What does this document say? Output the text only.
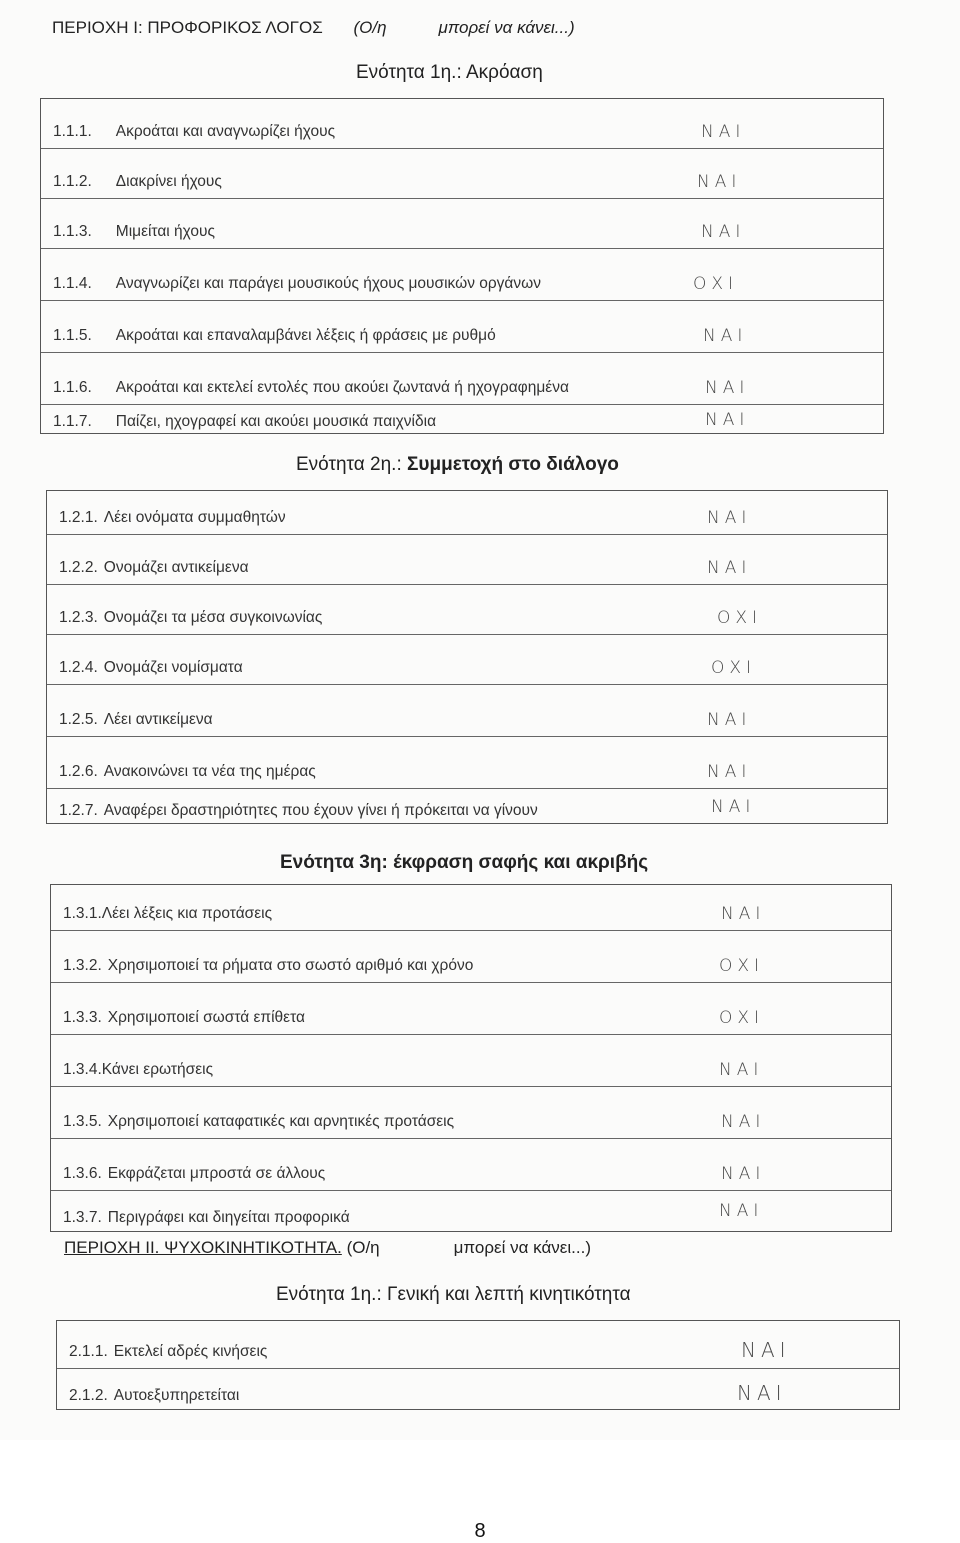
ΠΕΡΙΟΧΗ Ι: ΠΡΟΦΟΡΙΚΟΣ ΛΟΓΟΣ (Ο/η	μπορεί να κάνει...)
Ενότητα 1η.: Ακρόαση
1.1.1. Ακροάται και αναγνωρίζει ήχους	ΝΑΙ
1.1.2. Διακρίνει ήχους	ΝΑΙ
1.1.3. Μιμείται ήχους	ΝΑΙ
1.1.4. Αναγνωρίζει και παράγει μουσικούς ήχους μουσικών οργάνων	ΟΧΙ
1.1.5. Ακροάται και επαναλαμβάνει λέξεις ή φράσεις με ρυθμό	ΝΑΙ
1.1.6. Ακροάται και εκτελεί εντολές που ακούει ζωντανά ή ηχογραφημένα	ΝΑΙ
1.1.7. Παίζει, ηχογραφεί και ακούει μουσικά παιχνίδια	ΝΑΙ
Ενότητα 2η.: Συμμετοχή στο διάλογο
1.2.1. Λέει ονόματα συμμαθητών	ΝΑΙ
1.2.2. Ονομάζει αντικείμενα	ΝΑΙ
1.2.3. Ονομάζει τα μέσα συγκοινωνίας	ΟΧΙ
1.2.4. Ονομάζει νομίσματα	ΟΧΙ
1.2.5. Λέει αντικείμενα	ΝΑΙ
1.2.6. Ανακοινώνει τα νέα της ημέρας	ΝΑΙ
1.2.7. Αναφέρει δραστηριότητες που έχουν γίνει ή πρόκειται να γίνουν	ΝΑΙ
Ενότητα 3η: έκφραση σαφής και ακριβής
1.3.1.Λέει λέξεις κια προτάσεις	ΝΑΙ
1.3.2. Χρησιμοποιεί τα ρήματα στο σωστό αριθμό και χρόνο	ΟΧΙ
1.3.3. Χρησιμοποιεί σωστά επίθετα	ΟΧΙ
1.3.4.Κάνει ερωτήσεις	ΝΑΙ
1.3.5. Χρησιμοποιεί καταφατικές και αρνητικές προτάσεις	ΝΑΙ
1.3.6. Εκφράζεται μπροστά σε άλλους	ΝΑΙ
1.3.7. Περιγράφει και διηγείται προφορικά	ΝΑΙ
ΠΕΡΙΟΧΗ ΙΙ. ΨΥΧΟΚΙΝΗΤΙΚΟΤΗΤΑ. (Ο/η	μπορεί να κάνει...)
Ενότητα 1η.: Γενική και λεπτή κινητικότητα
2.1.1. Εκτελεί αδρές κινήσεις	ΝΑΙ
2.1.2. Αυτοεξυπηρετείται	ΝΑΙ
8
